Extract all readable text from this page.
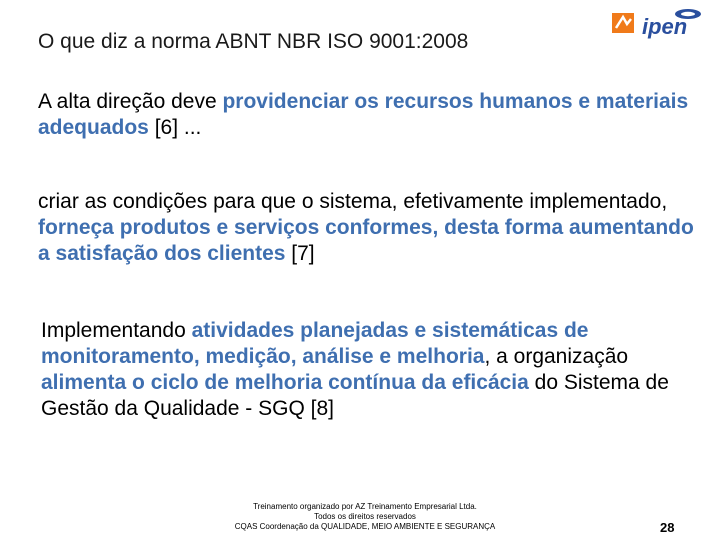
O que diz a norma ABNT NBR ISO 9001:2008
ipen
A alta direção deve providenciar os recursos humanos e materiais adequados [6] ...
criar as condições para que o sistema, efetivamente implementado, forneça produtos e serviços conformes, desta forma aumentando a satisfação dos clientes [7]
Implementando atividades planejadas e sistemáticas de monitoramento, medição, análise e melhoria, a organização alimenta o ciclo de melhoria contínua da eficácia do Sistema de Gestão da Qualidade - SGQ [8]
Treinamento organizado por AZ Treinamento Empresarial Ltda.
Todos os direitos reservados
CQAS Coordenação da QUALIDADE, MEIO AMBIENTE E SEGURANÇA	28
